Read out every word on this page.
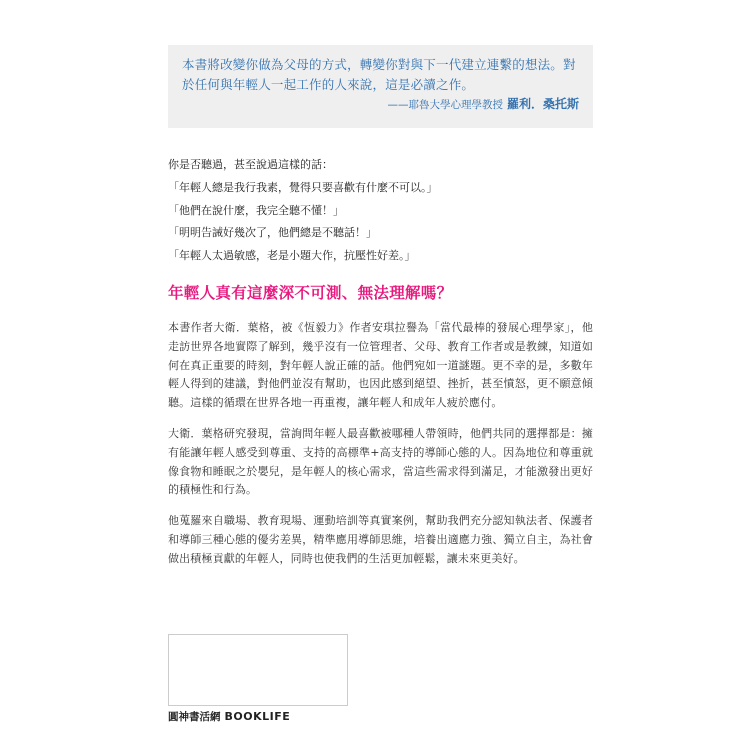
本書將改變你做為父母的方式，轉變你對與下一代建立連繫的想法。對於任何與年輕人一起工作的人來說，這是必讀之作。
——耶魯大學心理學教授 羅利．桑托斯
你是否聽過，甚至說過這樣的話：
「年輕人總是我行我素，覺得只要喜歡有什麼不可以。」
「他們在說什麼，我完全聽不懂！」
「明明告誡好幾次了，他們總是不聽話！」
「年輕人太過敏感，老是小題大作，抗壓性好差。」
年輕人真有這麼深不可測、無法理解嗎？
本書作者大衛．葉格，被《恆毅力》作者安琪拉譽為「當代最棒的發展心理學家」，他走訪世界各地實際了解到，幾乎沒有一位管理者、父母、教育工作者或是教練，知道如何在真正重要的時刻，對年輕人說正確的話。他們宛如一道謎題。更不幸的是，多數年輕人得到的建議，對他們並沒有幫助，也因此感到絕望、挫折，甚至憤怒，更不願意傾聽。這樣的循環在世界各地一再重複，讓年輕人和成年人疲於應付。
大衛．葉格研究發現，當詢問年輕人最喜歡被哪種人帶領時，他們共同的選擇都是：擁有能讓年輕人感受到尊重、支持的高標準+高支持的導師心態的人。因為地位和尊重就像食物和睡眠之於嬰兒，是年輕人的核心需求，當這些需求得到滿足，才能激發出更好的積極性和行為。
他蒐羅來自職場、教育現場、運動培訓等真實案例，幫助我們充分認知執法者、保護者和導師三種心態的優劣差異，精準應用導師思維，培養出適應力強、獨立自主，為社會做出積極貢獻的年輕人，同時也使我們的生活更加輕鬆，讓未來更美好。
圓神書活網 BOOKLIFE
